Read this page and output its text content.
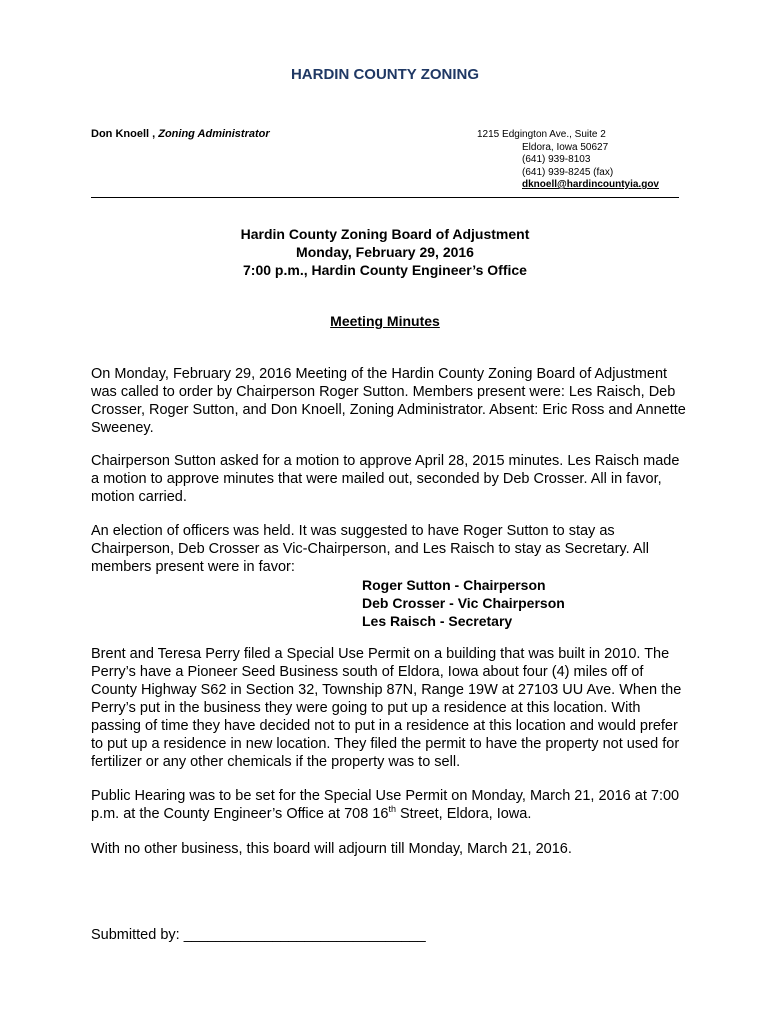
HARDIN COUNTY ZONING
Don Knoell , Zoning Administrator	1215 Edgington Ave., Suite 2
Eldora, Iowa 50627
(641) 939-8103
(641) 939-8245 (fax)
dknoell@hardincountyia.gov
Hardin County Zoning Board of Adjustment
Monday, February 29, 2016
7:00 p.m., Hardin County Engineer’s Office
Meeting Minutes

On Monday, February 29, 2016 Meeting of the Hardin County Zoning Board of Adjustment was called to order by Chairperson Roger Sutton. Members present were: Les Raisch, Deb Crosser, Roger Sutton, and Don Knoell, Zoning Administrator. Absent: Eric Ross and Annette Sweeney.

Chairperson Sutton asked for a motion to approve April 28, 2015 minutes. Les Raisch made a motion to approve minutes that were mailed out, seconded by Deb Crosser. All in favor, motion carried.

An election of officers was held. It was suggested to have Roger Sutton to stay as Chairperson, Deb Crosser as Vic-Chairperson, and Les Raisch to stay as Secretary. All members present were in favor:

Roger Sutton - Chairperson
Deb Crosser - Vic Chairperson
Les Raisch - Secretary

Brent and Teresa Perry filed a Special Use Permit on a building that was built in 2010. The Perry’s have a Pioneer Seed Business south of Eldora, Iowa about four (4) miles off of County Highway S62 in Section 32, Township 87N, Range 19W at 27103 UU Ave. When the Perry’s put in the business they were going to put up a residence at this location. With passing of time they have decided not to put in a residence at this location and would prefer to put up a residence in new location. They filed the permit to have the property not used for fertilizer or any other chemicals if the property was to sell.

Public Hearing was to be set for the Special Use Permit on Monday, March 21, 2016 at 7:00 p.m. at the County Engineer’s Office at 708 16th Street, Eldora, Iowa.

With no other business, this board will adjourn till Monday, March 21, 2016.

Submitted by: ______________________________
